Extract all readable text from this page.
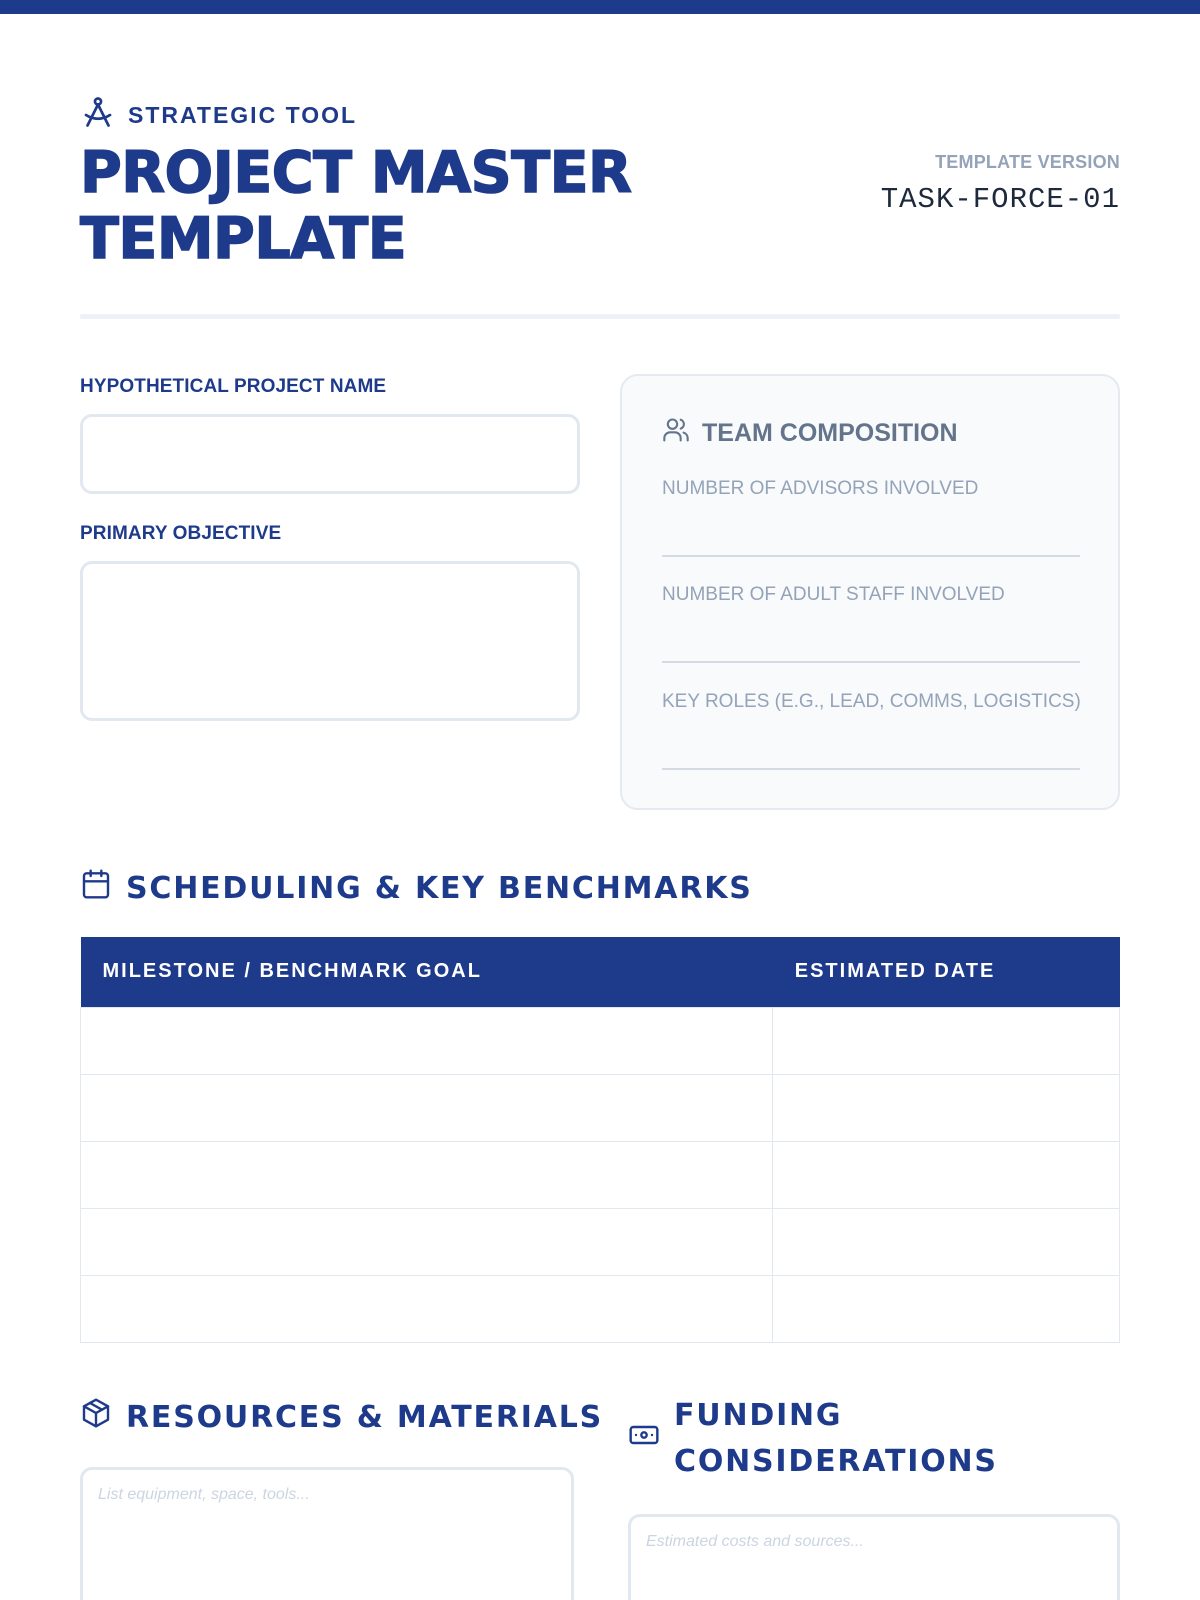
STRATEGIC TOOL
PROJECT MASTER TEMPLATE
TEMPLATE VERSION
TASK-FORCE-01
HYPOTHETICAL PROJECT NAME
PRIMARY OBJECTIVE
TEAM COMPOSITION
NUMBER OF ADVISORS INVOLVED
NUMBER OF ADULT STAFF INVOLVED
KEY ROLES (E.G., LEAD, COMMS, LOGISTICS)
SCHEDULING & KEY BENCHMARKS
MILESTONE / BENCHMARK GOAL	ESTIMATED DATE

RESOURCES & MATERIALS
List equipment, space, tools...
FUNDING
CONSIDERATIONS
Estimated costs and sources...
